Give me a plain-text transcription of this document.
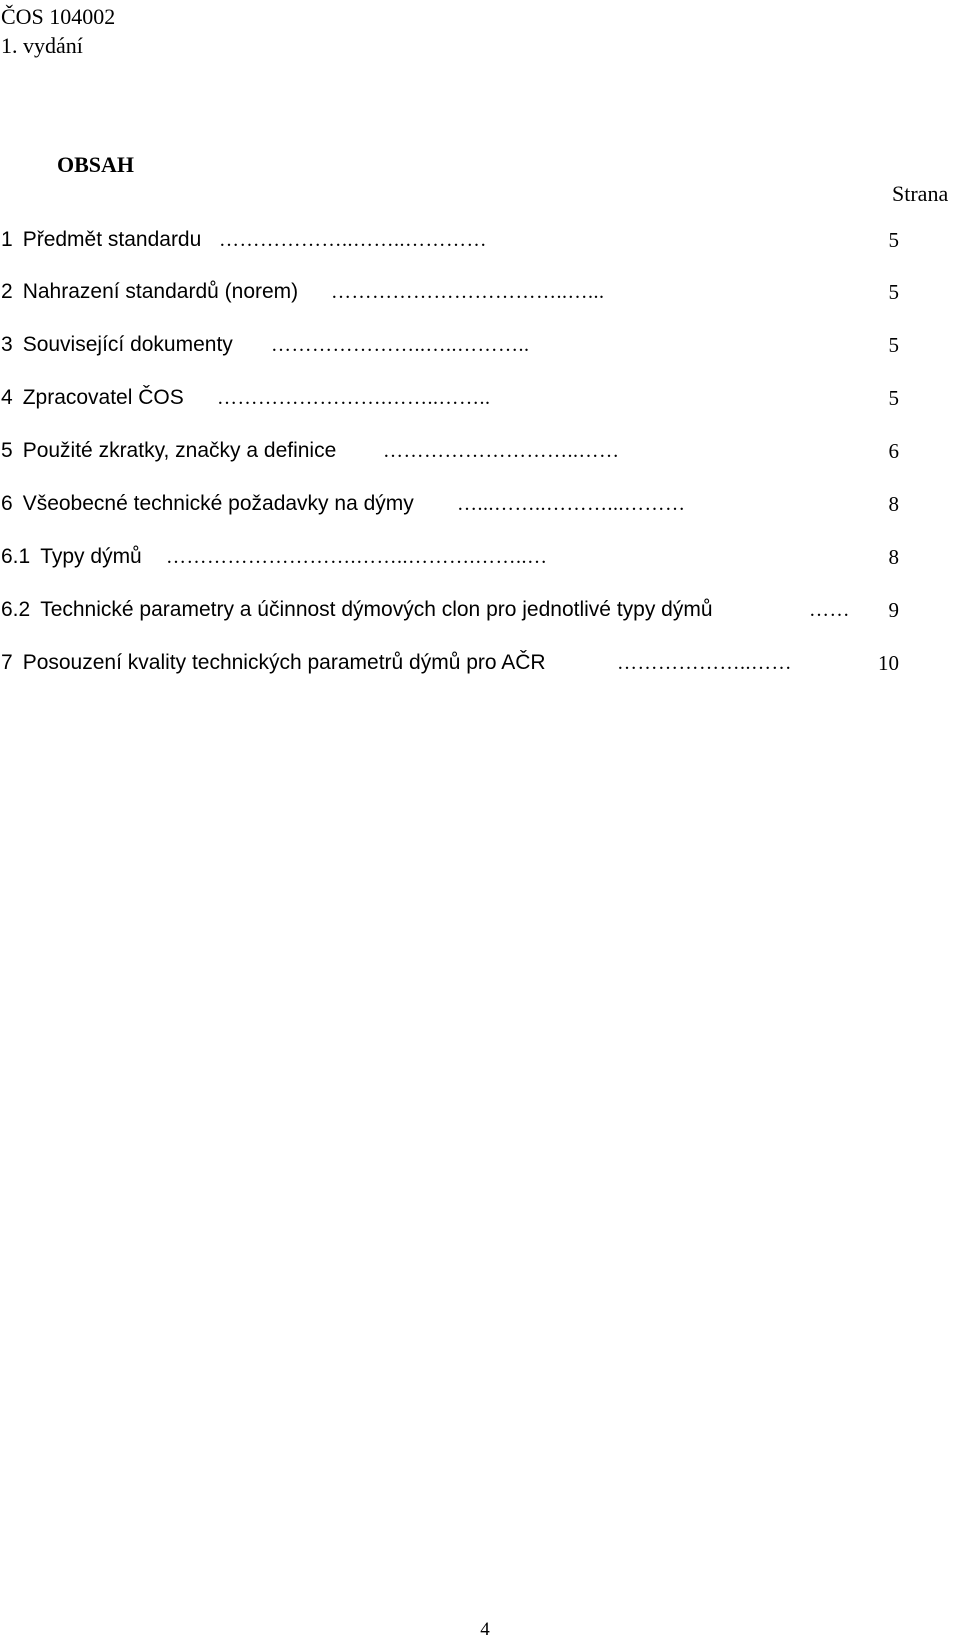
ČOS 104002
1. vydání
OBSAH
Strana
1 Předmět standardu ………………..……..…………	5
2 Nahrazení standardů (norem) ……………………………..…...	5
3 Související dokumenty …………………..…..………..	5
4 Zpracovatel ČOS …………………….……..……..	5
5 Použité zkratky, značky a definice ………………………..……	6
6 Všeobecné technické požadavky na dýmy …...……..………...………	8
6.1 Typy dýmů ……………………….……..……….……..…	8
6.2 Technické parametry a účinnost dýmových clon pro jednotlivé typy dýmů	……	9
7 Posouzení kvality technických parametrů dýmů pro AČR	………………..……	10
4
